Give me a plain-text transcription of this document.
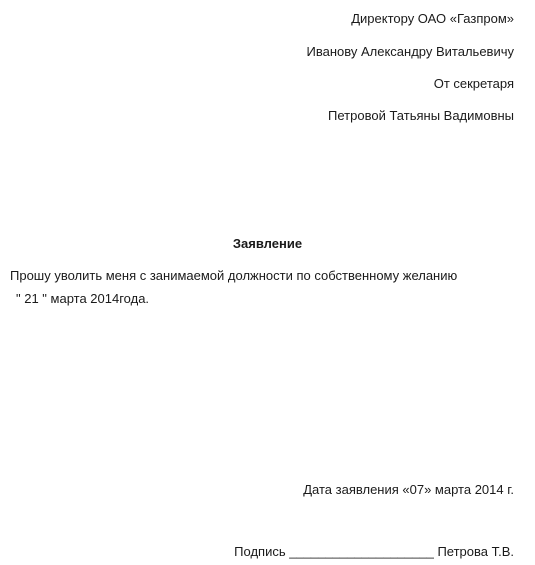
Директору ОАО «Газпром»
Иванову Александру Витальевичу
От секретаря
Петровой Татьяны Вадимовны
Заявление
Прошу уволить меня с занимаемой должности по собственному желанию
" 21 " марта 2014года.
Дата заявления «07» марта 2014 г.
Подпись ____________________ Петрова Т.В.
